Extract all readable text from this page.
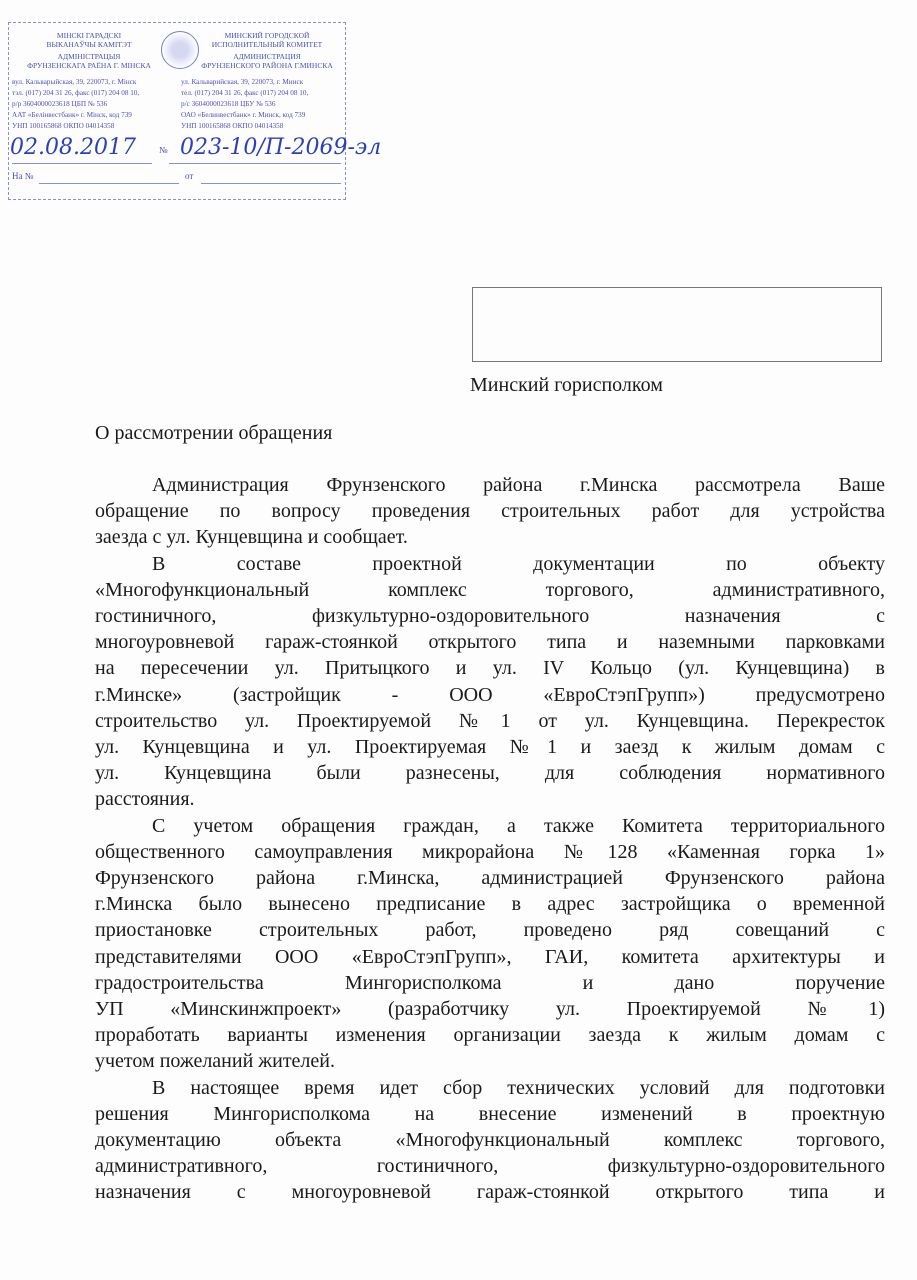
МІНСКІ ГАРАДСКІ
ВЫКАНАЎЧЫ КАМІТЭТ
АДМІНІСТРАЦЫЯ
ФРУНЗЕНСКАГА РАЁНА Г. МІНСКА
МИНСКИЙ ГОРОДСКОЙ
ИСПОЛНИТЕЛЬНЫЙ КОМИТЕТ
АДМИНИСТРАЦИЯ
ФРУНЗЕНСКОГО РАЙОНА Г.МИНСКА
вул. Кальварыйская, 39, 220073, г. Мінск
тэл. (017) 204 31 26, факс (017) 204 08 10,
р/р 3604000023618 ЦБП № 536
ААТ «Белінвестбанк» г. Мінск, код 739
УНП 100165868 ОКПО 04014358
ул. Кальварийская, 39, 220073, г. Минск
тел. (017) 204 31 26, факс (017) 204 08 10,
р/с 3604000023618 ЦБУ № 536
ОАО «Белинвестбанк» г. Минск, код 739
УНП 100165868 ОКПО 04014358
№
На №	от
02.08.2017 023-10/П-2069-эл
Минский горисполком
О рассмотрении обращения
Администрация Фрунзенского района г.Минска рассмотрела Ваше
обращение по вопросу проведения строительных работ для устройства
заезда с ул. Кунцевщина и сообщает.
В составе проектной документации по объекту
«Многофункциональный комплекс торгового, административного,
гостиничного, физкультурно-оздоровительного назначения с
многоуровневой гараж-стоянкой открытого типа и наземными парковками
на пересечении ул. Притыцкого и ул. IV Кольцо (ул. Кунцевщина) в
г.Минске» (застройщик - ООО «ЕвроСтэпГрупп») предусмотрено
строительство ул. Проектируемой №1 от ул. Кунцевщина. Перекресток
ул. Кунцевщина и ул. Проектируемая №1 и заезд к жилым домам с
ул. Кунцевщина были разнесены, для соблюдения нормативного
расстояния.
С учетом обращения граждан, а также Комитета территориального
общественного самоуправления микрорайона №128 «Каменная горка 1»
Фрунзенского района г.Минска, администрацией Фрунзенского района
г.Минска было вынесено предписание в адрес застройщика о временной
приостановке строительных работ, проведено ряд совещаний с
представителями ООО «ЕвроСтэпГрупп», ГАИ, комитета архитектуры и
градостроительства Мингорисполкома и дано поручение
УП «Минскинжпроект» (разработчику ул. Проектируемой №1)
проработать варианты изменения организации заезда к жилым домам с
учетом пожеланий жителей.
В настоящее время идет сбор технических условий для подготовки
решения Мингорисполкома на внесение изменений в проектную
документацию объекта «Многофункциональный комплекс торгового,
административного, гостиничного, физкультурно-оздоровительного
назначения с многоуровневой гараж-стоянкой открытого типа и
